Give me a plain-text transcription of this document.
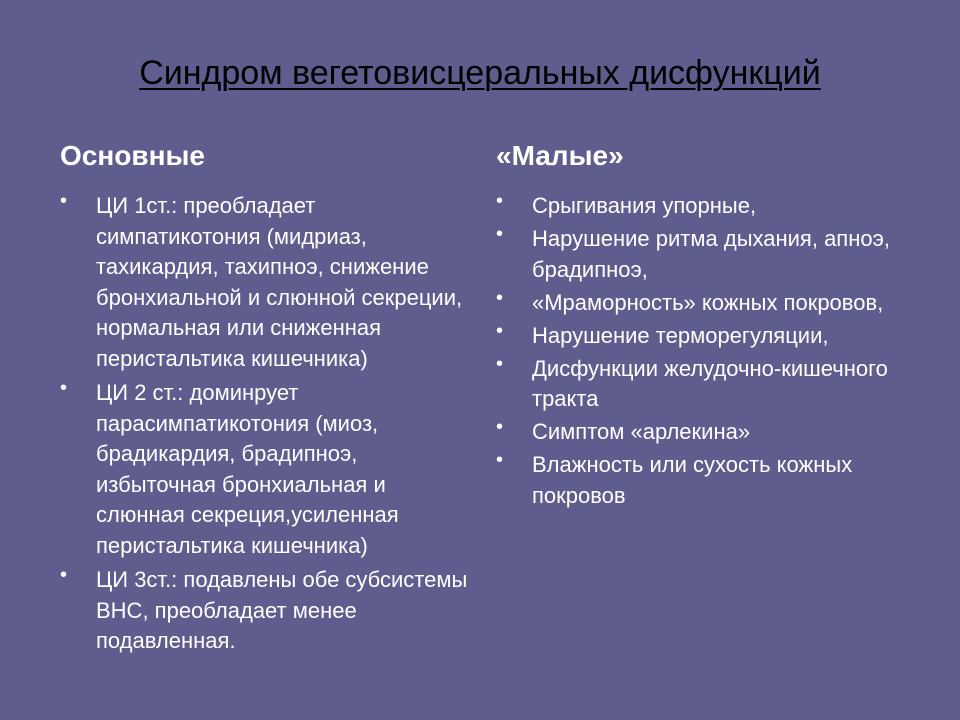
Синдром вегетовисцеральных дисфункций
Основные	«Малые»
• ЦИ 1ст.: преобладает симпатикотония (мидриаз, тахикардия, тахипноэ, снижение бронхиальной и слюнной секреции, нормальная или сниженная перистальтика кишечника)
• ЦИ 2 ст.: доминрует парасимпатикотония (миоз, брадикардия, брадипноэ, избыточная бронхиальная и слюнная секреция,усиленная перистальтика кишечника)
• ЦИ 3ст.: подавлены обе субсистемы ВНС, преобладает менее подавленная.
• Срыгивания упорные,
• Нарушение ритма дыхания, апноэ, брадипноэ,
• «Мраморность» кожных покровов,
• Нарушение терморегуляции,
• Дисфункции желудочно-кишечного тракта
• Симптом «арлекина»
• Влажность или сухость кожных покровов
